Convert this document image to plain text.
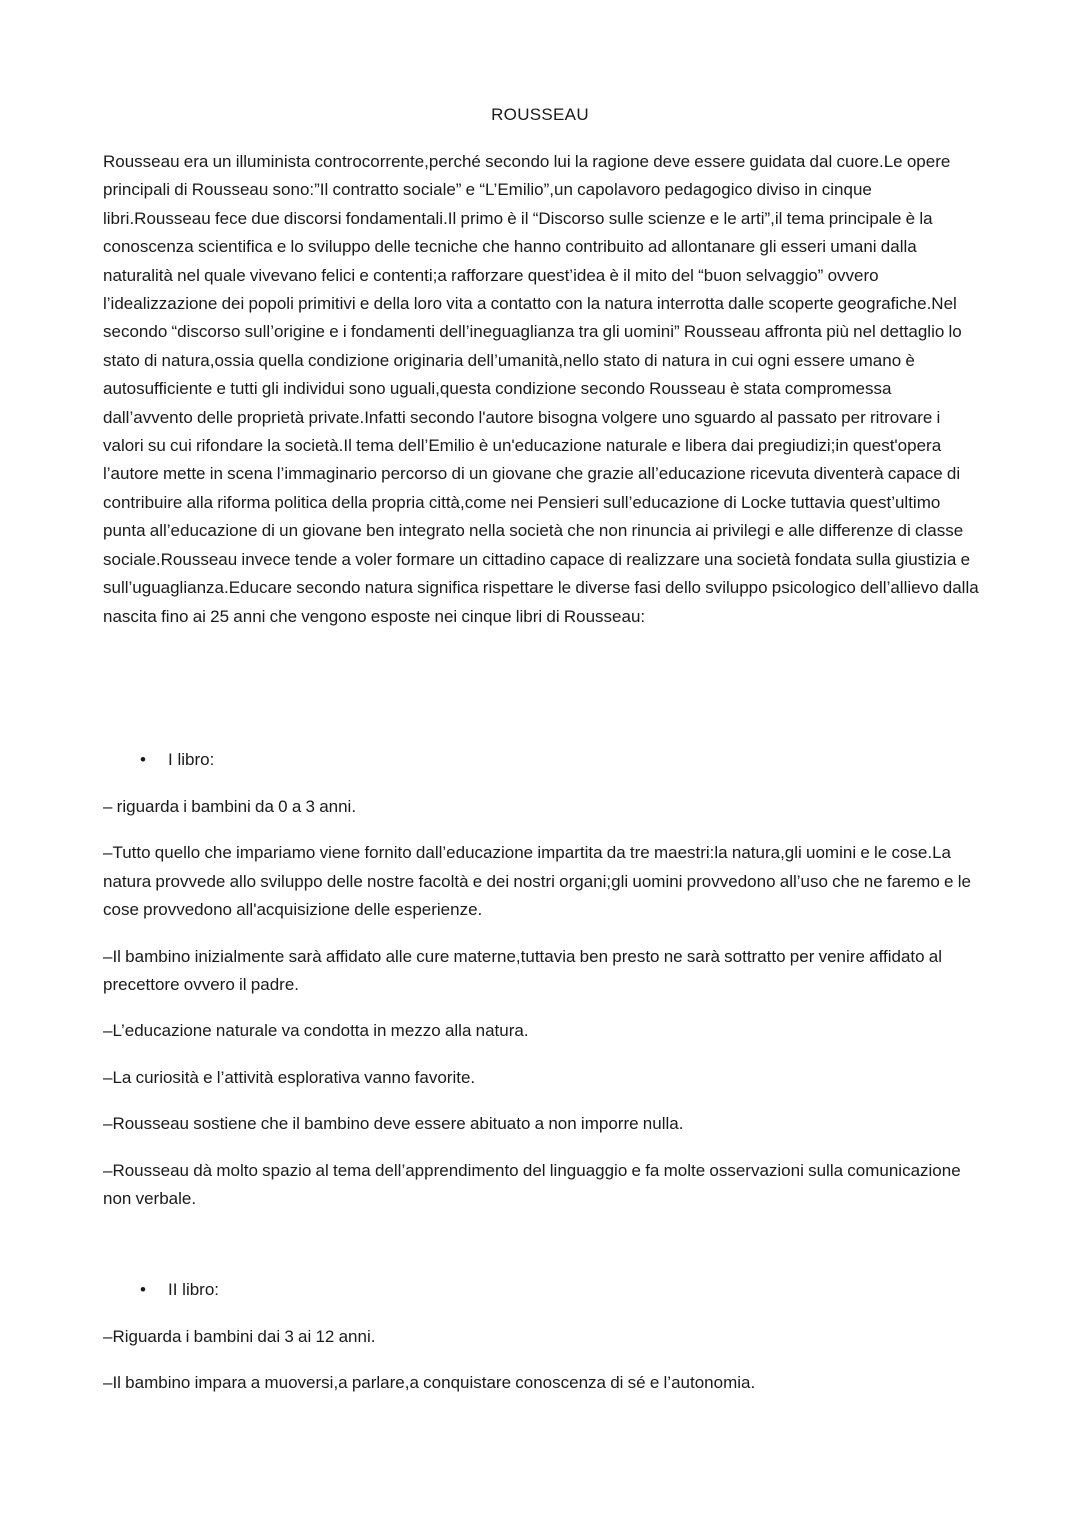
ROUSSEAU

Rousseau era un illuminista controcorrente,perché secondo lui la ragione deve essere guidata dal cuore.Le opere principali di Rousseau sono:”Il contratto sociale” e “L’Emilio”,un capolavoro pedagogico diviso in cinque libri.Rousseau fece due discorsi fondamentali.Il primo è il “Discorso sulle scienze e le arti”,il tema principale è la conoscenza scientifica e lo sviluppo delle tecniche che hanno contribuito ad allontanare gli esseri umani dalla naturalità nel quale vivevano felici e contenti;a rafforzare quest’idea è il mito del “buon selvaggio” ovvero l’idealizzazione dei popoli primitivi e della loro vita a contatto con la natura interrotta dalle scoperte geografiche.Nel secondo “discorso sull’origine e i fondamenti dell’ineguaglianza tra gli uomini” Rousseau affronta più nel dettaglio lo stato di natura,ossia quella condizione originaria dell’umanità,nello stato di natura in cui ogni essere umano è autosufficiente e tutti gli individui sono uguali,questa condizione secondo Rousseau è stata compromessa dall’avvento delle proprietà private.Infatti secondo l'autore bisogna volgere uno sguardo al passato per ritrovare i valori su cui rifondare la società.Il tema dell’Emilio è un'educazione naturale e libera dai pregiudizi;in quest'opera l’autore mette in scena l’immaginario percorso di un giovane che grazie all’educazione ricevuta diventerà capace di contribuire alla riforma politica della propria città,come nei Pensieri sull’educazione di Locke tuttavia quest’ultimo punta all’educazione di un giovane ben integrato nella società che non rinuncia ai privilegi e alle differenze di classe sociale.Rousseau invece tende a voler formare un cittadino capace di realizzare una società fondata sulla giustizia e sull’uguaglianza.Educare secondo natura significa rispettare le diverse fasi dello sviluppo psicologico dell’allievo dalla nascita fino ai 25 anni che vengono esposte nei cinque libri di Rousseau:

• I libro:

– riguarda i bambini da 0 a 3 anni.

–Tutto quello che impariamo viene fornito dall’educazione impartita da tre maestri:la natura,gli uomini e le cose.La natura provvede allo sviluppo delle nostre facoltà e dei nostri organi;gli uomini provvedono all’uso che ne faremo e le cose provvedono all'acquisizione delle esperienze.

–Il bambino inizialmente sarà affidato alle cure materne,tuttavia ben presto ne sarà sottratto per venire affidato al precettore ovvero il padre.

–L’educazione naturale va condotta in mezzo alla natura.

–La curiosità e l’attività esplorativa vanno favorite.

–Rousseau sostiene che il bambino deve essere abituato a non imporre nulla.

–Rousseau dà molto spazio al tema dell’apprendimento del linguaggio e fa molte osservazioni sulla comunicazione non verbale.

• II libro:

–Riguarda i bambini dai 3 ai 12 anni.

–Il bambino impara a muoversi,a parlare,a conquistare conoscenza di sé e l’autonomia.
